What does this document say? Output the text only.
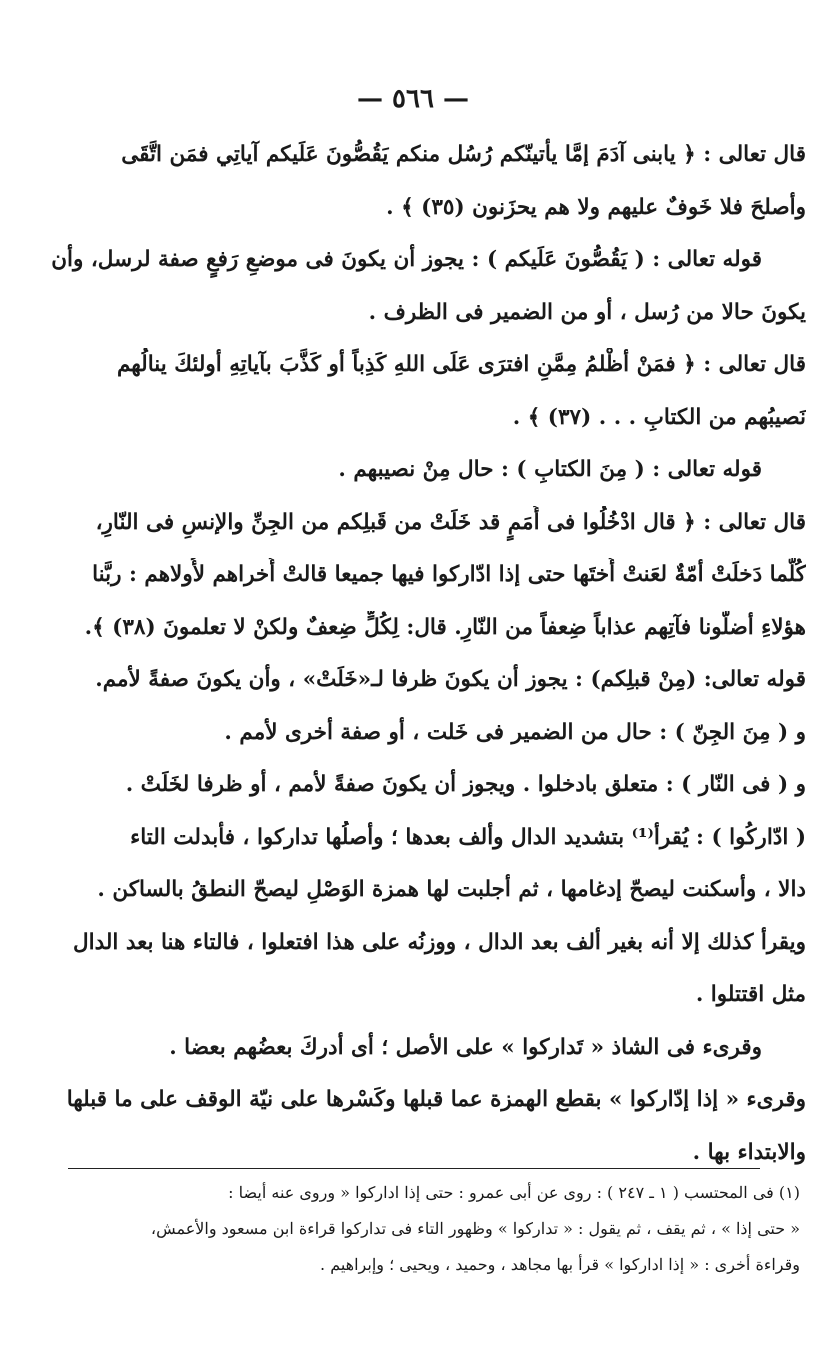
— ٥٦٦ —
قال تعالى : ﴿ يابنى آدَمَ إمَّا يأتينّكم رُسُل منكم يَقُصُّونَ عَلَيكم آياتِي فمَن اتَّقَى
وأصلحَ فلا خَوفٌ عليهم ولا هم يحزَنون (٣٥) ﴾ .
قوله تعالى : ( يَقُصُّونَ عَلَيكم ) : يجوز أن يكونَ فى موضعِ رَفعٍ صفة لرسل، وأن
يكونَ حالا من رُسل ، أو من الضمير فى الظرف .
قال تعالى : ﴿ فمَنْ أظْلمُ مِمَّنِ افترَى عَلَى اللهِ كَذِباً أو كَذَّبَ بآياتِهِ أولئكَ ينالُهم
نَصيبُهم من الكتابِ . . . (٣٧) ﴾ .
قوله تعالى : ( مِنَ الكتابِ ) : حال مِنْ نصيبهم .
قال تعالى : ﴿ قال ادْخُلُوا فى أُمَمٍ قد خَلَتْ من قَبلِكم من الجِنِّ والإنسِ فى النّارِ،
كُلَّما دَخلَتْ أمّةٌ لعَنتْ أُختَها حتى إذا ادّاركوا فيها جميعا قالتْ أُخراهم لأُولاهم : ربَّنا
هؤلاءِ أضلّونا فآتِهم عذاباً ضِعفاً من النّارِ. قال: لِكُلٍّ ضِعفٌ ولكنْ لا تعلمونَ (٣٨) ﴾.
قوله تعالى: (مِنْ قبلِكم) : يجوز أن يكونَ ظرفا لـ«خَلَتْ» ، وأن يكونَ صفةً لأمم.
و ( مِنَ الجِنّ ) : حال من الضمير فى خَلت ، أو صفة أخرى لأمم .
و ( فى النّار ) : متعلق بادخلوا . ويجوز أن يكونَ صفةً لأمم ، أو ظرفا لخَلَتْ .
( ادّاركُوا ) : يُقرأ⁽¹⁾ بتشديد الدال وألف بعدها ؛ وأصلُها تداركوا ، فأبدلت التاء
دالا ، وأسكنت ليصحّ إدغامها ، ثم أجلبت لها همزة الوَصْلِ ليصحّ النطقُ بالساكن .
ويقرأ كذلك إلا أنه بغير ألف بعد الدال ، ووزنُه على هذا افتعلوا ، فالتاء هنا بعد الدال
مثل اقتتلوا .
وقرىء فى الشاذ « تَداركوا » على الأصل ؛ أى أدركَ بعضُهم بعضا .
وقرىء « إذا إدّاركوا » بقطع الهمزة عما قبلها وكَسْرها على نيّة الوقف على ما قبلها
والابتداء بها .
(١) فى المحتسب ( ١ ـ ٢٤٧ ) : روى عن أبى عمرو : حتى إذا اداركوا « وروى عنه أيضا :
« حتى إذا » ، ثم يقف ، ثم يقول : « تداركوا » وظهور التاء فى تداركوا قراءة ابن مسعود والأعمش،
وقراءة أخرى : « إذا اداركوا » قرأ بها مجاهد ، وحميد ، ويحيى ؛ وإبراهيم .
